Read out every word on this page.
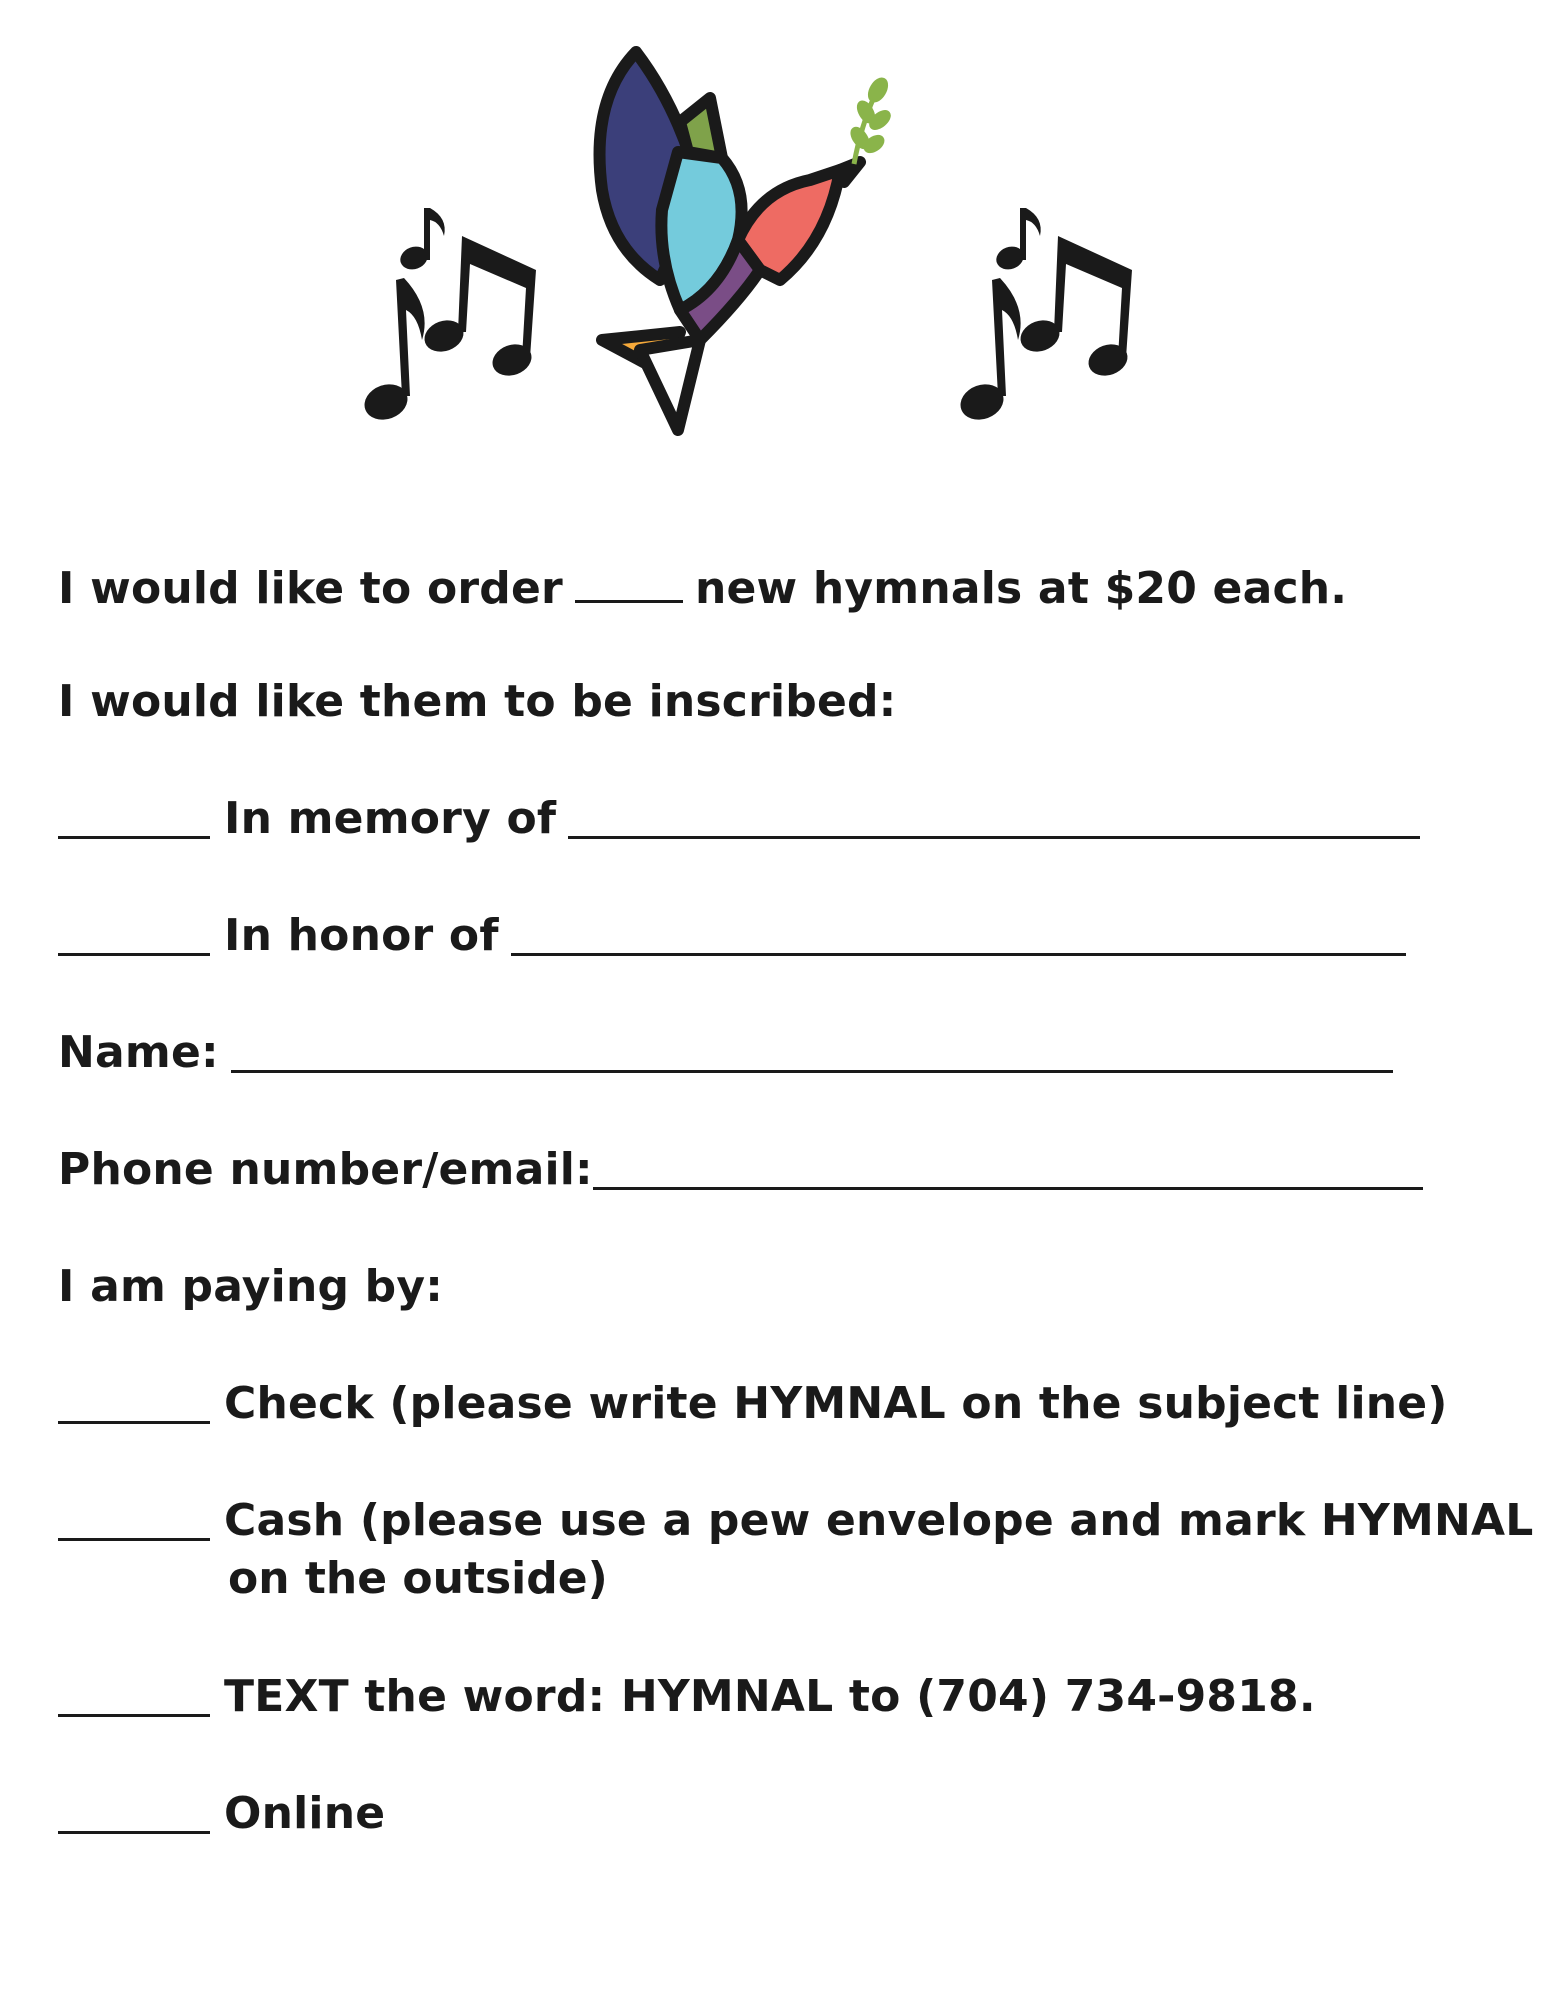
I would like to order	new hymnals at $20 each.
I would like them to be inscribed:
In memory of
In honor of
Name:
Phone number/email:
I am paying by:
Check (please write HYMNAL on the subject line)
Cash (please use a pew envelope and mark HYMNAL
on the outside)
TEXT the word: HYMNAL to (704) 734-9818.
Online
